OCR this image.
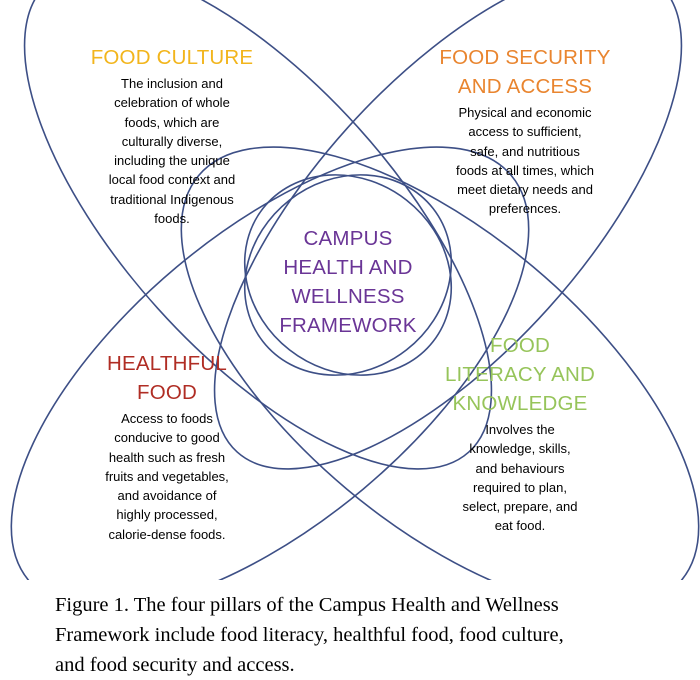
FOOD CULTURE
The inclusion and
celebration of whole
foods, which are
culturally diverse,
including the unique
local food context and
traditional Indigenous
foods.
FOOD SECURITY
AND ACCESS
Physical and economic
access to sufficient,
safe, and nutritious
foods at all times, which
meet dietary needs and
preferences.
CAMPUS
HEALTH AND
WELLNESS
FRAMEWORK
HEALTHFUL
FOOD
Access to foods
conducive to good
health such as fresh
fruits and vegetables,
and avoidance of
highly processed,
calorie-dense foods.
FOOD
LITERACY AND
KNOWLEDGE
Involves the
knowledge, skills,
and behaviours
required to plan,
select, prepare, and
eat food.
Figure 1. The four pillars of the Campus Health and Wellness
Framework include food literacy, healthful food, food culture,
and food security and access.
